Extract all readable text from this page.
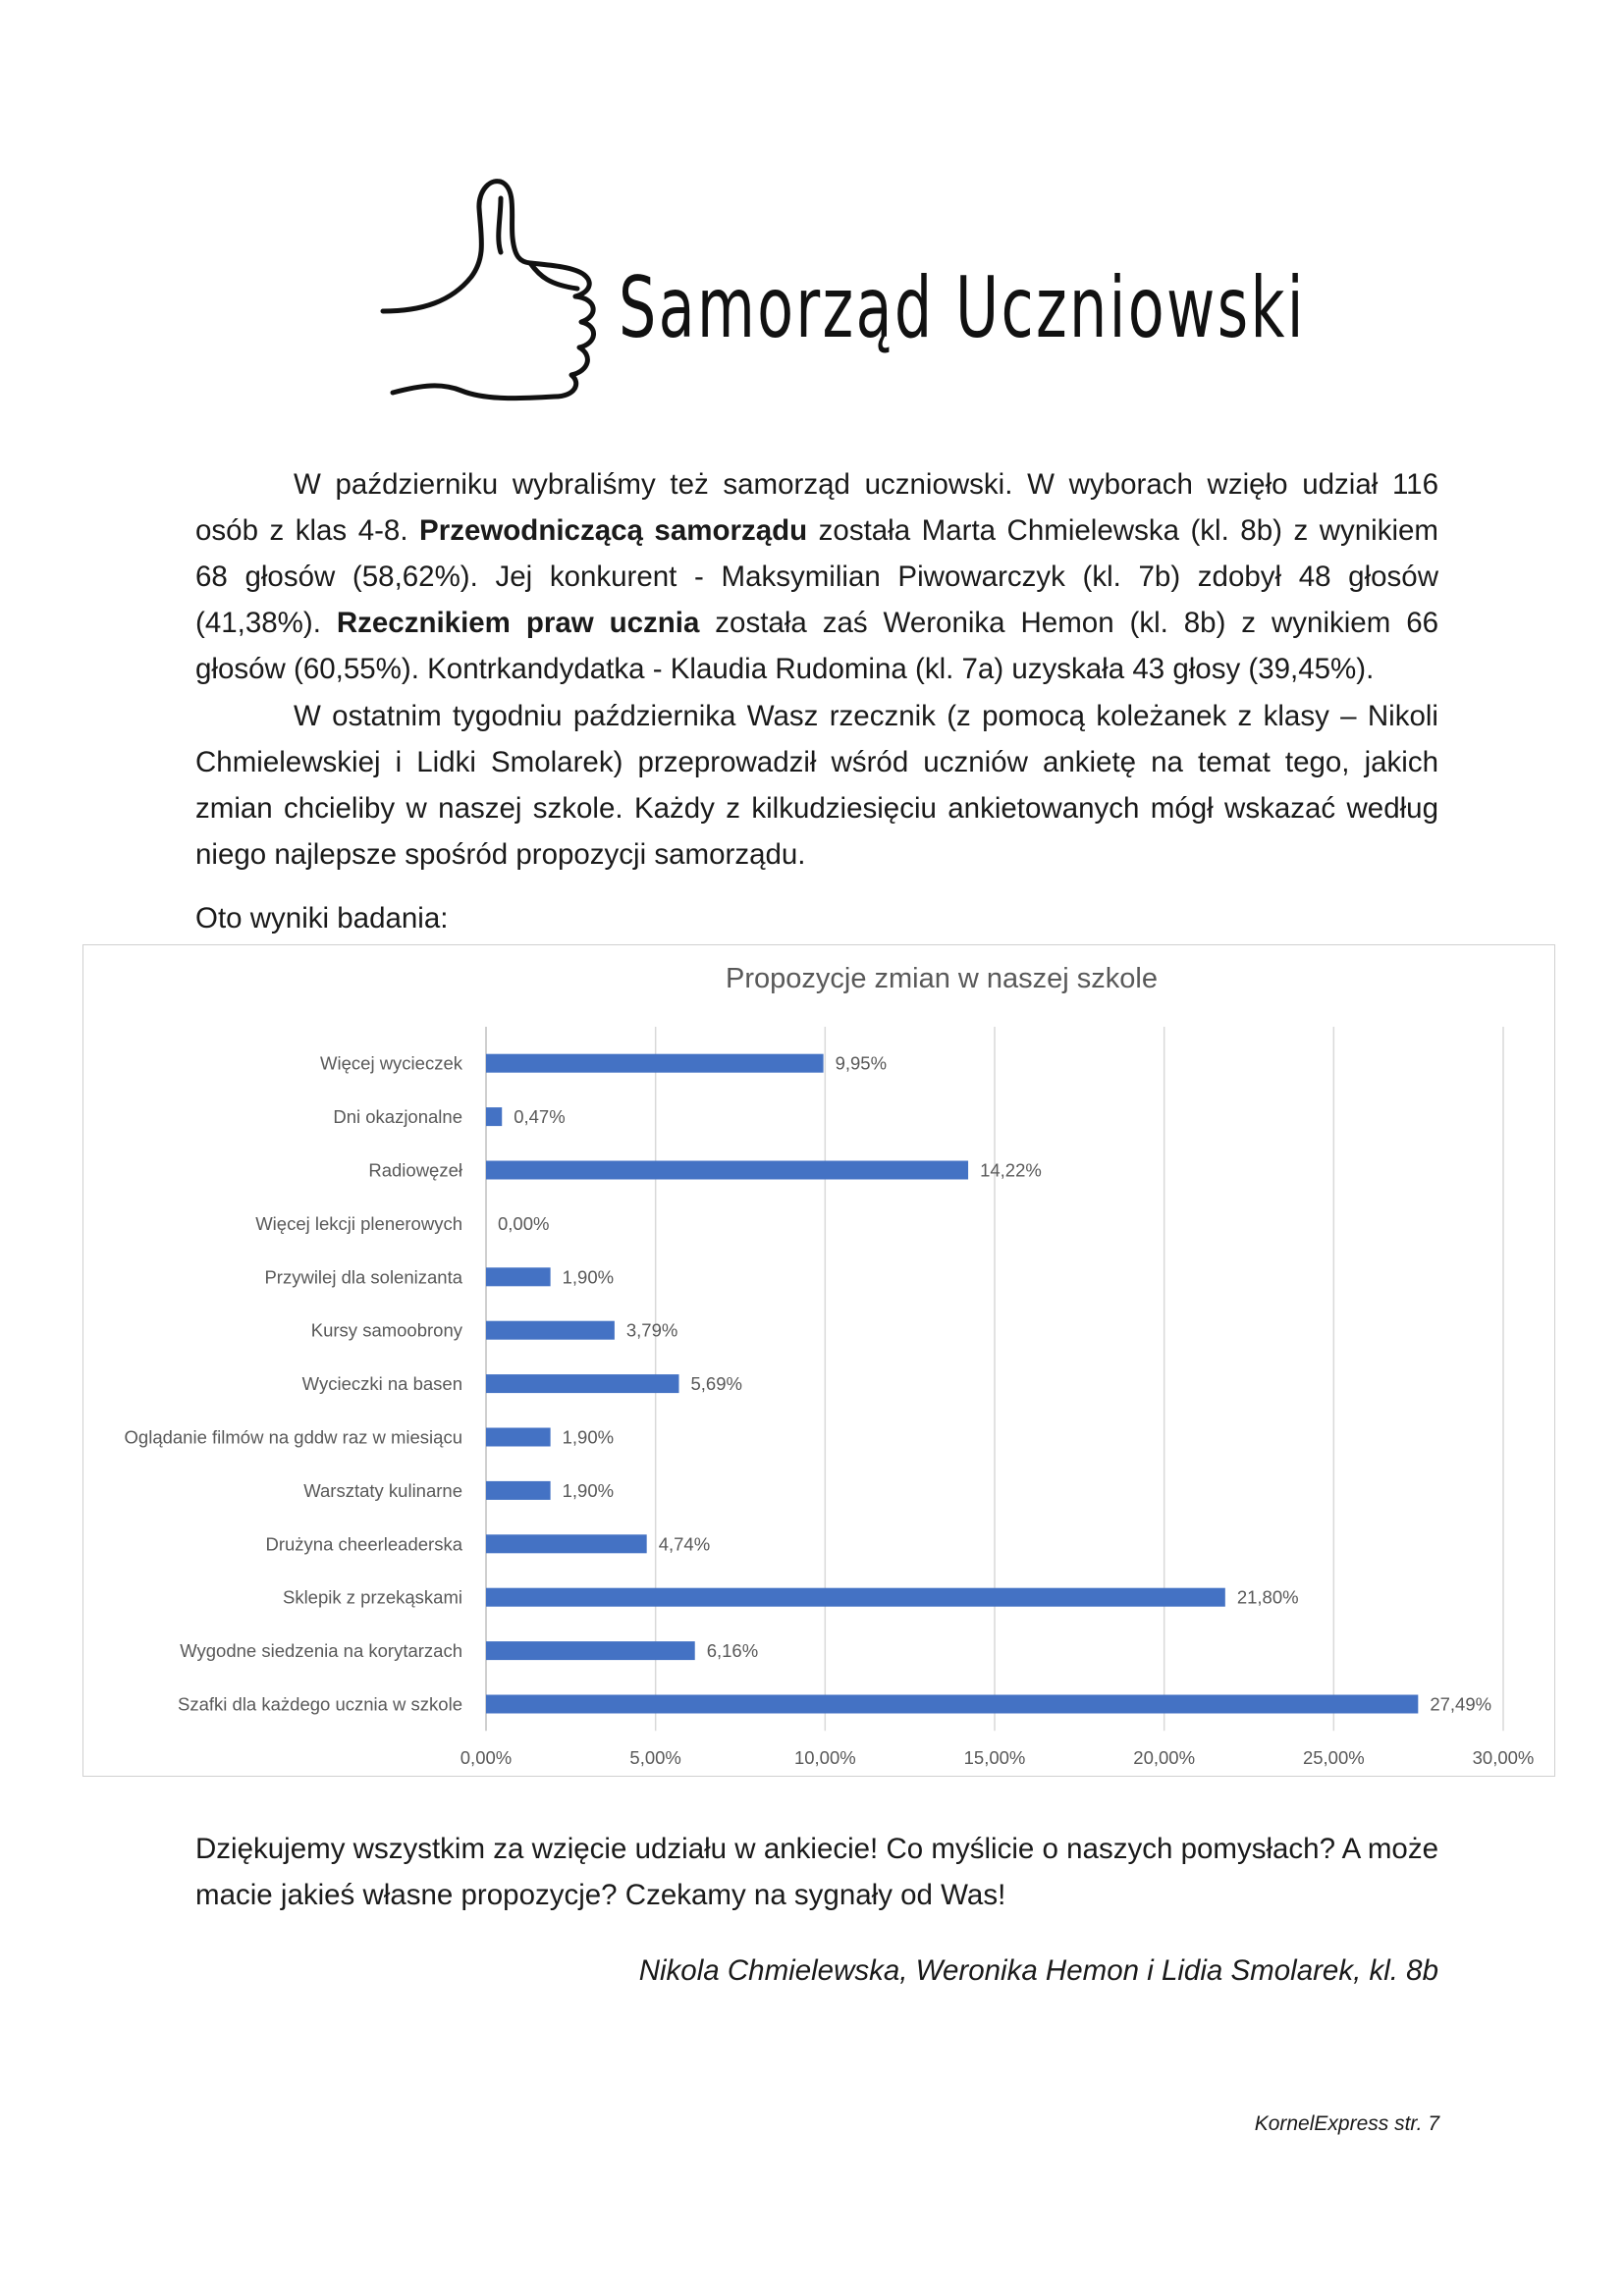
Samorząd Uczniowski

W październiku wybraliśmy też samorząd uczniowski. W wyborach wzięło udział 116 osób z klas 4-8. Przewodniczącą samorządu została Marta Chmielewska (kl. 8b) z wynikiem 68 głosów (58,62%). Jej konkurent - Maksymilian Piwowarczyk (kl. 7b) zdobył 48 głosów (41,38%). Rzecznikiem praw ucznia została zaś Weronika Hemon (kl. 8b) z wynikiem 66 głosów (60,55%). Kontrkandydatka - Klaudia Rudomina (kl. 7a) uzyskała 43 głosy (39,45%).

W ostatnim tygodniu października Wasz rzecznik (z pomocą koleżanek z klasy – Nikoli Chmielewskiej i Lidki Smolarek) przeprowadził wśród uczniów ankietę na temat tego, jakich zmian chcieliby w naszej szkole. Każdy z kilkudziesięciu ankietowanych mógł wskazać według niego najlepsze spośród propozycji samorządu.

Oto wyniki badania:

Propozycje zmian w naszej szkole
Więcej wycieczek
Dni okazjonalne
Radiowęzeł
Więcej lekcji plenerowych
Przywilej dla solenizanta
Kursy samoobrony
Wycieczki na basen
Oglądanie filmów na gddw raz w miesiącu
Warsztaty kulinarne
Drużyna cheerleaderska
Sklepik z przekąskami
Wygodne siedzenia na korytarzach
Szafki dla każdego ucznia w szkole
9,95%
0,47%
14,22%
0,00%
1,90%
3,79%
5,69%
1,90%
1,90%
4,74%
21,80%
6,16%
27,49%
0,00%	5,00%	10,00%	15,00%	20,00%	25,00%	30,00%

Dziękujemy wszystkim za wzięcie udziału w ankiecie! Co myślicie o naszych pomysłach? A może macie jakieś własne propozycje? Czekamy na sygnały od Was!

Nikola Chmielewska, Weronika Hemon i Lidia Smolarek, kl. 8b
KornelExpress str. 7
